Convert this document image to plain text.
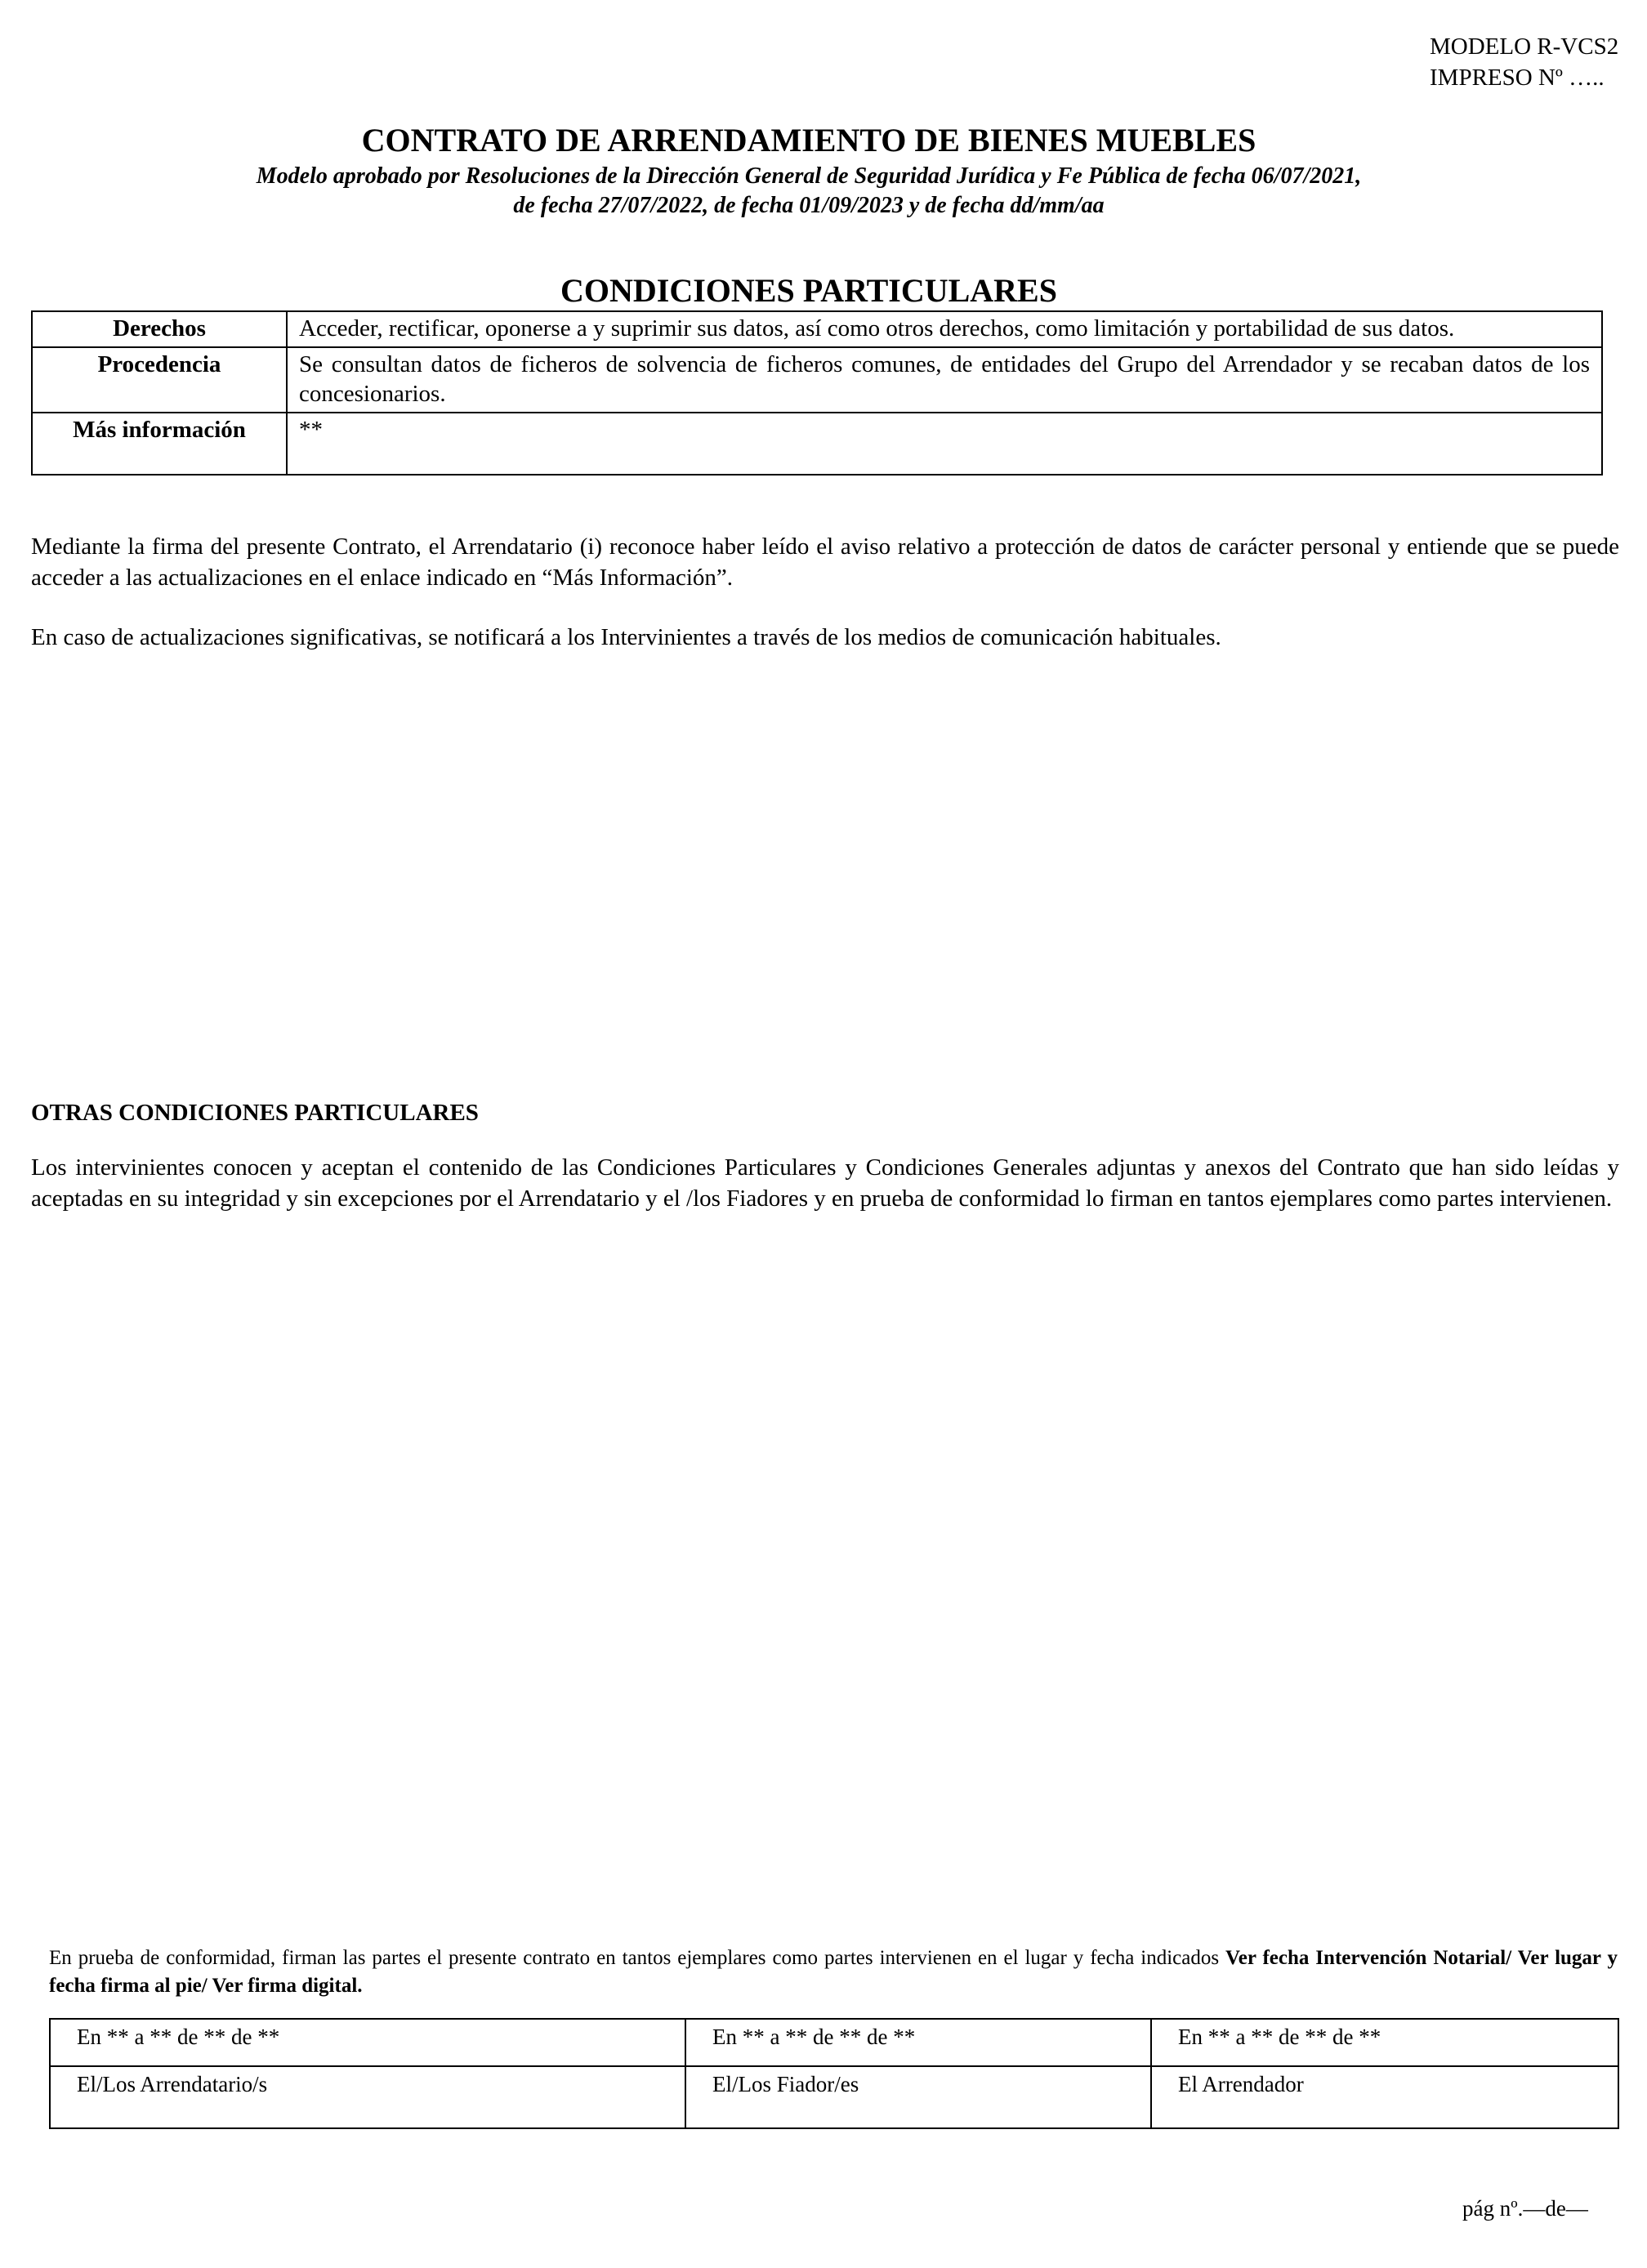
MODELO R-VCS2
IMPRESO Nº …..
CONTRATO DE ARRENDAMIENTO DE BIENES MUEBLES
Modelo aprobado por Resoluciones de la Dirección General de Seguridad Jurídica y Fe Pública de fecha 06/07/2021,
de fecha 27/07/2022, de fecha 01/09/2023 y de fecha dd/mm/aa
CONDICIONES PARTICULARES
Derechos	Acceder, rectificar, oponerse a y suprimir sus datos, así como otros derechos, como limitación y portabilidad de sus datos.
Procedencia	Se consultan datos de ficheros de solvencia de ficheros comunes, de entidades del Grupo del Arrendador y se recaban datos de los concesionarios.
Más información	**
Mediante la firma del presente Contrato, el Arrendatario (i) reconoce haber leído el aviso relativo a protección de datos de carácter personal y entiende que se puede acceder a las actualizaciones en el enlace indicado en “Más Información”.
En caso de actualizaciones significativas, se notificará a los Intervinientes a través de los medios de comunicación habituales.
OTRAS CONDICIONES PARTICULARES
Los intervinientes conocen y aceptan el contenido de las Condiciones Particulares y Condiciones Generales adjuntas y anexos del Contrato que han sido leídas y aceptadas en su integridad y sin excepciones por el Arrendatario y el /los Fiadores y en prueba de conformidad lo firman en tantos ejemplares como partes intervienen.
En prueba de conformidad, firman las partes el presente contrato en tantos ejemplares como partes intervienen en el lugar y fecha indicados Ver fecha Intervención Notarial/ Ver lugar y fecha firma al pie/ Ver firma digital.
En ** a ** de ** de **	En ** a ** de ** de **	En ** a ** de ** de **
El/Los Arrendatario/s	El/Los Fiador/es	El Arrendador
pág nº.—de—
